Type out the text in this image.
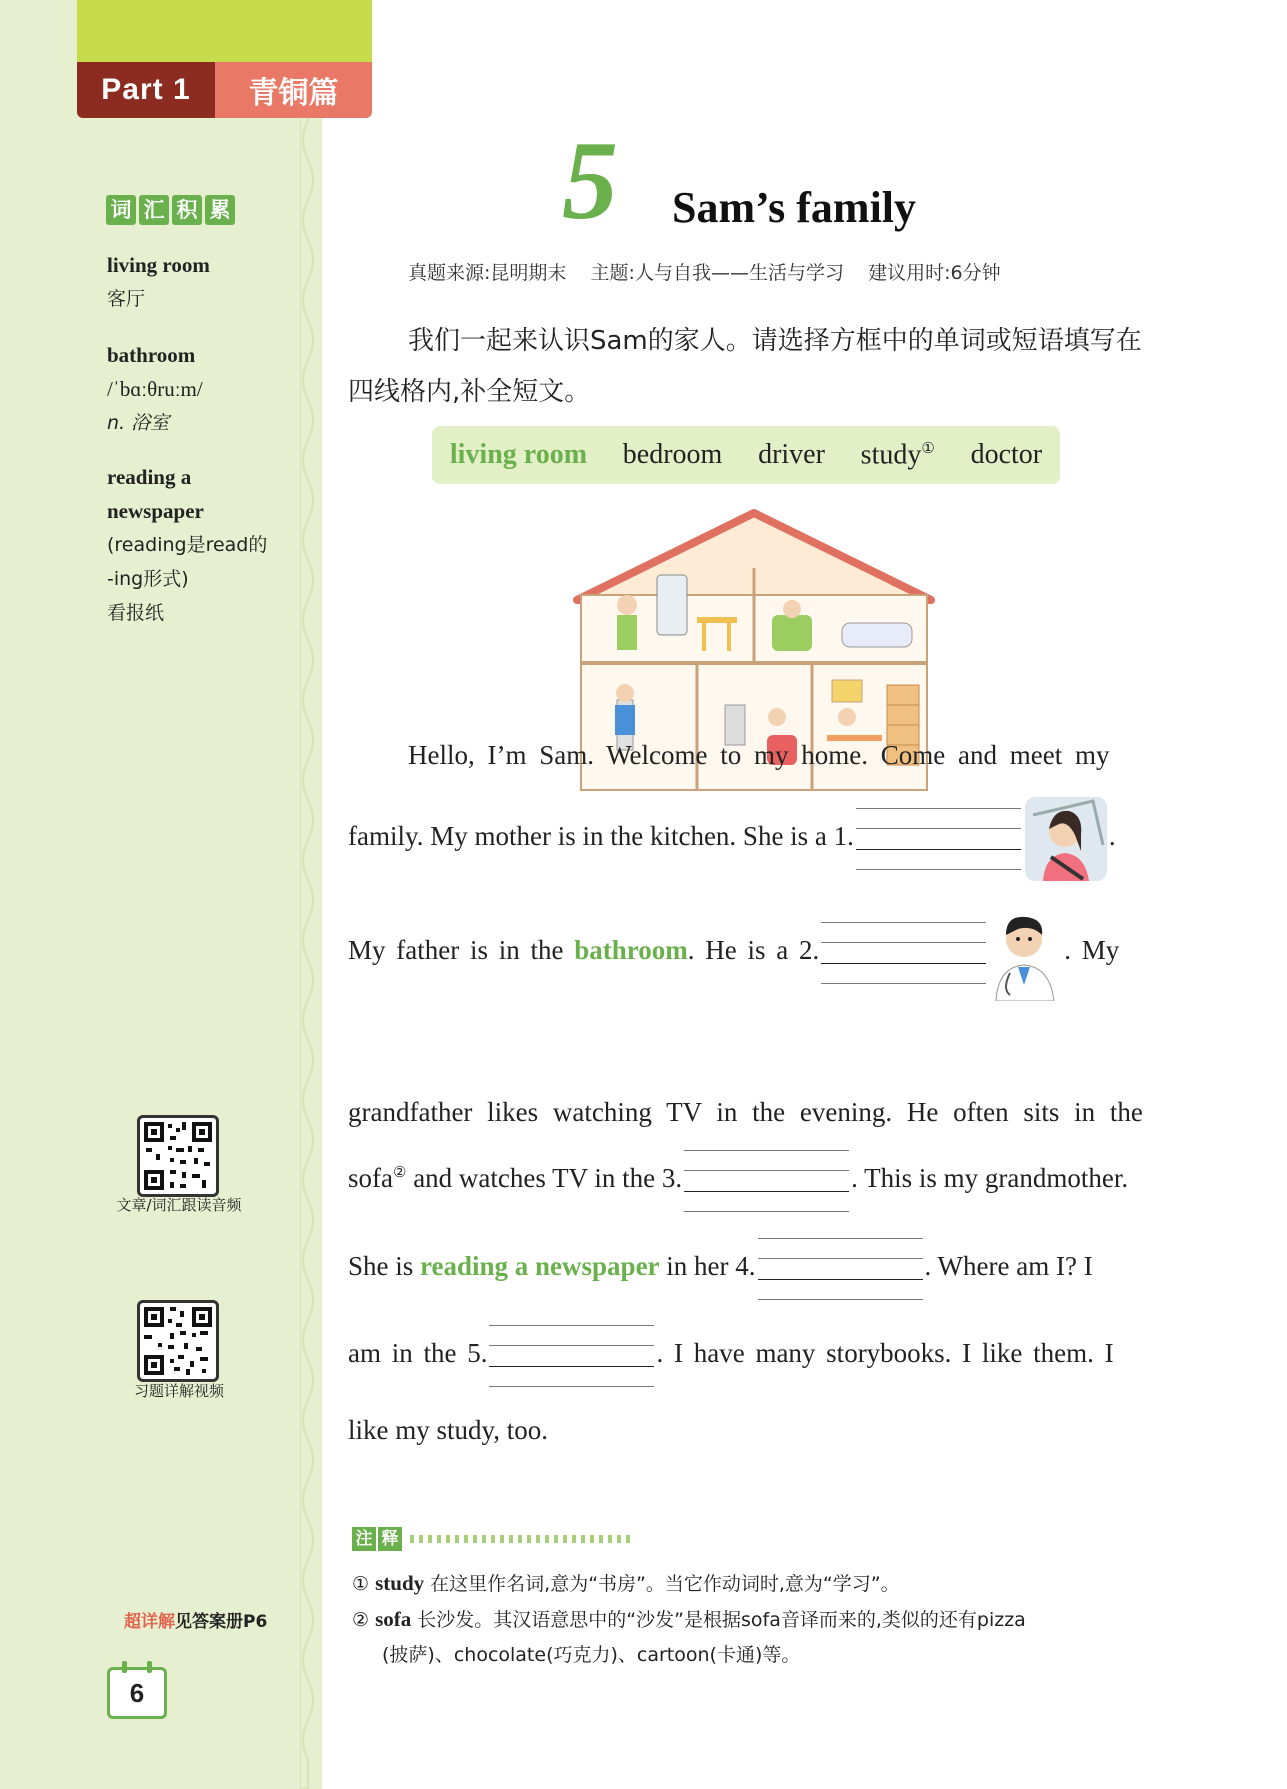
Part 1	青铜篇
词 汇 积 累
living room
客厅
bathroom
/ˈbɑːθruːm/
n. 浴室
reading a newspaper
(reading是read的
-ing形式)
看报纸
文章/词汇跟读音频
习题详解视频
超详解见答案册P6
6
5 Sam’s family
真题来源:昆明期末    主题:人与自我——生活与学习    建议用时:6分钟
我们一起来认识Sam的家人。请选择方框中的单词或短语填写在四线格内,补全短文。
living room bedroom driver study① doctor
Hello, I’m Sam. Welcome to my home. Come and meet my
family. My mother is in the kitchen. She is a 1.	.
My father is in the bathroom. He is a 2.	. My
grandfather likes watching TV in the evening. He often sits in the
sofa② and watches TV in the 3.	. This is my grandmother.
She is reading a newspaper in her 4.	. Where am I? I
am in the 5.	. I have many storybooks. I like them. I
like my study, too.
注 释
① study 在这里作名词,意为“书房”。当它作动词时,意为“学习”。
② sofa 长沙发。其汉语意思中的“沙发”是根据sofa音译而来的,类似的还有pizza
(披萨)、chocolate(巧克力)、cartoon(卡通)等。
